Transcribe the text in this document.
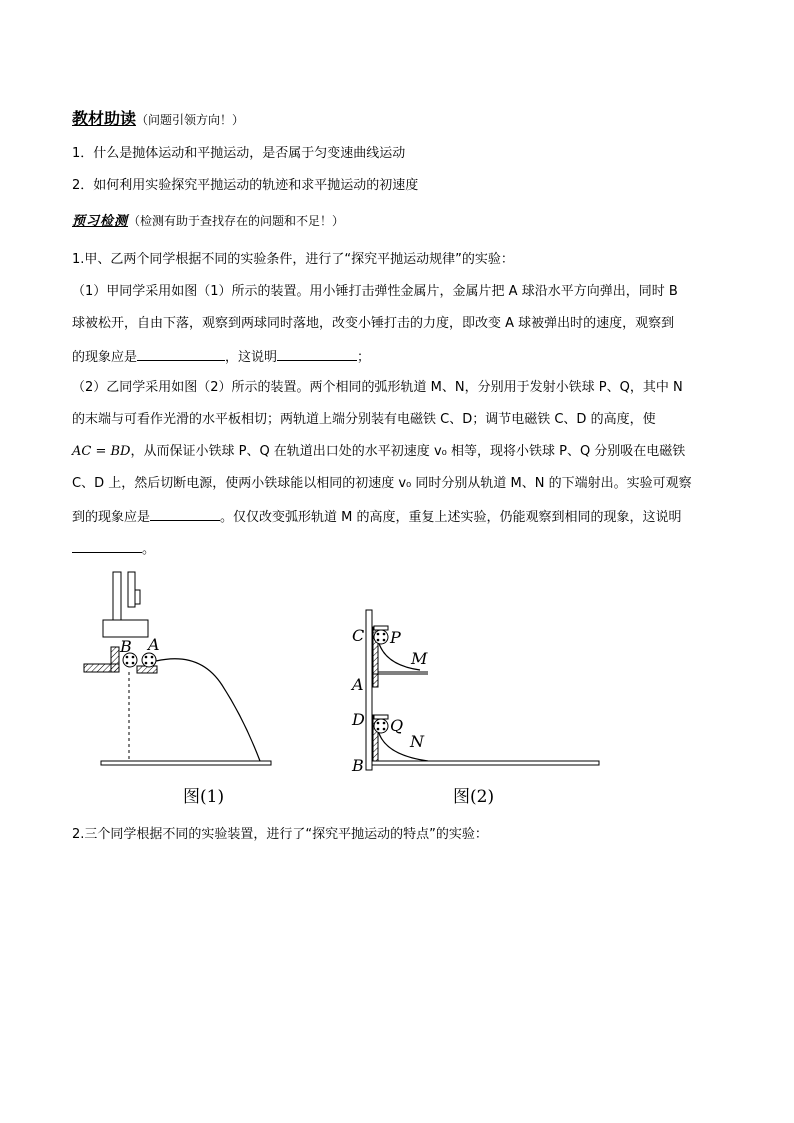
教材助读（问题引领方向！）
1．什么是抛体运动和平抛运动，是否属于匀变速曲线运动
2．如何利用实验探究平抛运动的轨迹和求平抛运动的初速度
预习检测（检测有助于查找存在的问题和不足！）
1.甲、乙两个同学根据不同的实验条件，进行了“探究平抛运动规律”的实验：
（1）甲同学采用如图（1）所示的装置。用小锤打击弹性金属片，金属片把 A 球沿水平方向弹出，同时 B
球被松开，自由下落，观察到两球同时落地，改变小锤打击的力度，即改变 A 球被弹出时的速度，观察到
的现象应是	，这说明	；
（2）乙同学采用如图（2）所示的装置。两个相同的弧形轨道 M、N，分别用于发射小铁球 P、Q，其中 N
的末端与可看作光滑的水平板相切；两轨道上端分别装有电磁铁 C、D；调节电磁铁 C、D 的高度，使
AC = BD，从而保证小铁球 P、Q 在轨道出口处的水平初速度 v₀ 相等，现将小铁球 P、Q 分别吸在电磁铁
C、D 上，然后切断电源，使两小铁球能以相同的初速度 v₀ 同时分别从轨道 M、N 的下端射出。实验可观察
到的现象应是	。仅仅改变弧形轨道 M 的高度，重复上述实验，仍能观察到相同的现象，这说明
。
B A
图(1)
C P
M
A
D Q
N
B
图(2)
2.三个同学根据不同的实验装置，进行了“探究平抛运动的特点”的实验：
